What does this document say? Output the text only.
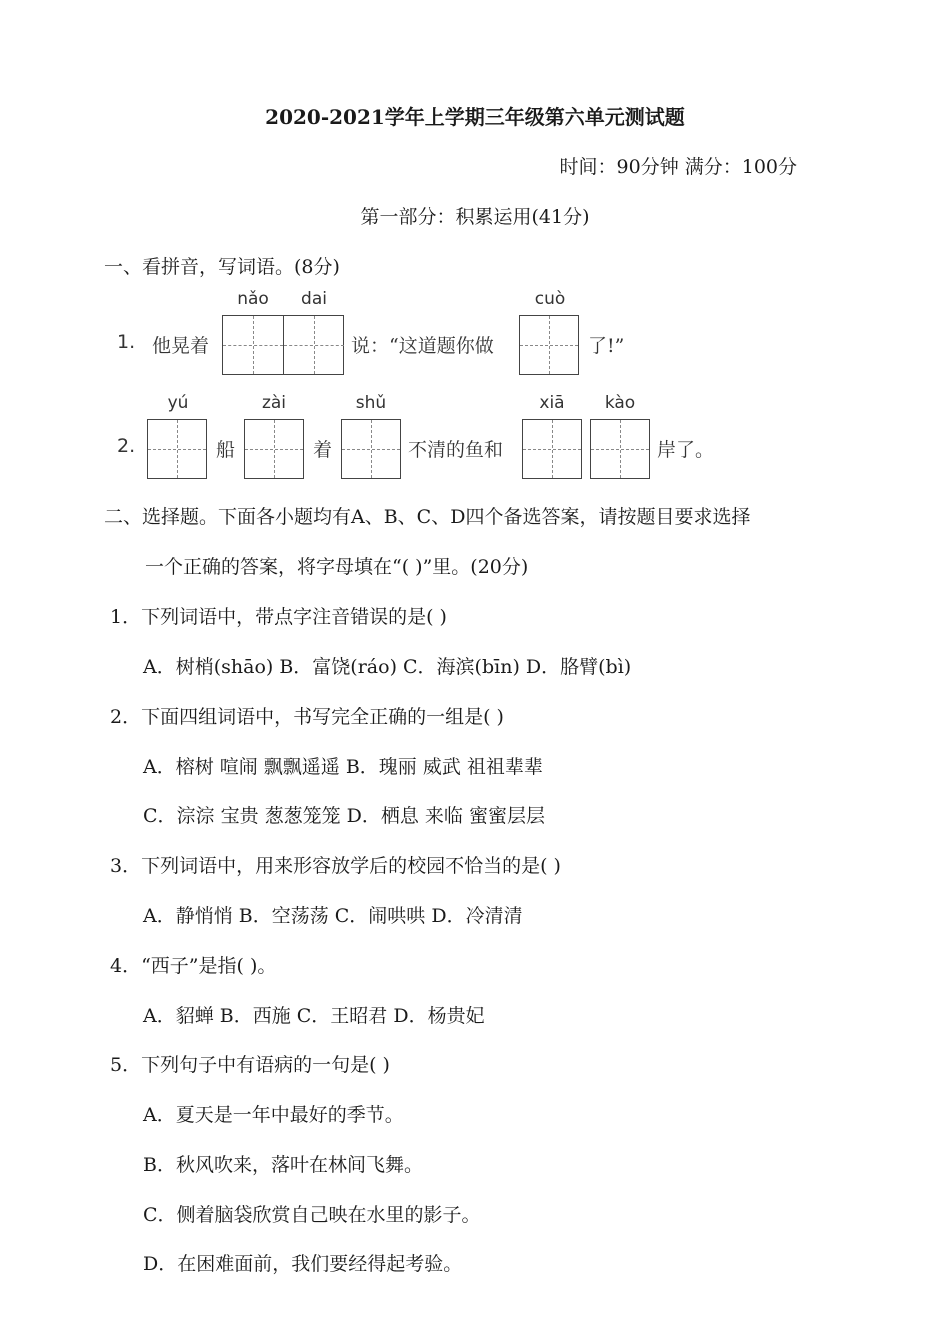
2020-2021学年上学期三年级第六单元测试题
时间：90分钟 满分：100分
第一部分：积累运用(41分)
一、看拼音，写词语。(8分)
nǎo	dai	cuò
1. 他晃着	说：“这道题你做	了!”
yú	zài	shǔ	xiā	kào
2.	船	着	不清的鱼和	岸了。
二、选择题。下面各小题均有A、B、C、D四个备选答案，请按题目要求选择
一个正确的答案，将字母填在“( )”里。(20分)
1．下列词语中，带点字注音错误的是( )
A．树梢(shāo) B．富饶(ráo) C．海滨(bīn) D．胳臂(bì)
2．下面四组词语中，书写完全正确的一组是( )
A．榕树 喧闹 飘飘遥遥 B．瑰丽 威武 祖祖辈辈
C．淙淙 宝贵 葱葱笼笼 D．栖息 来临 蜜蜜层层
3．下列词语中，用来形容放学后的校园不恰当的是( )
A．静悄悄 B．空荡荡 C．闹哄哄 D．冷清清
4．“西子”是指( )。
A．貂蝉 B．西施 C．王昭君 D．杨贵妃
5．下列句子中有语病的一句是( )
A．夏天是一年中最好的季节。
B．秋风吹来，落叶在林间飞舞。
C．侧着脑袋欣赏自己映在水里的影子。
D．在困难面前，我们要经得起考验。
